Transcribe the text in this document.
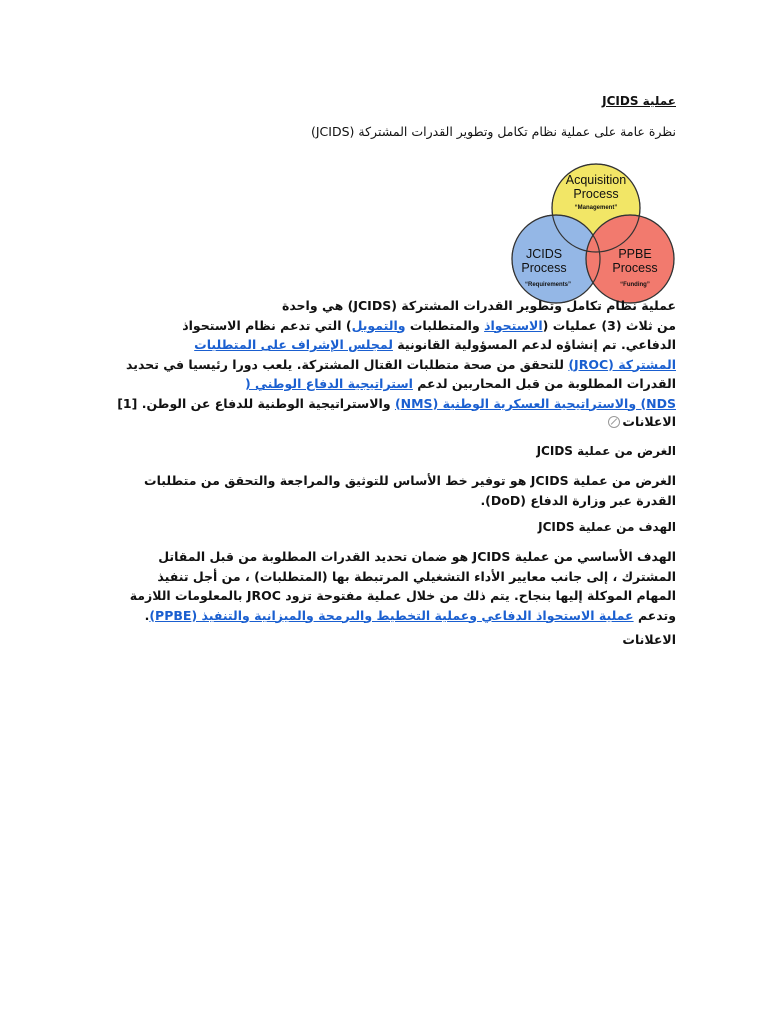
عملية JCIDS
نظرة عامة على عملية نظام تكامل وتطوير القدرات المشتركة (JCIDS)
Acquisition
Process
“Management”
JCIDS
Process
“Requirements”
PPBE
Process
“Funding”
عملية نظام تكامل وتطوير القدرات المشتركة (JCIDS) هي واحدة
من ثلاث (3) عمليات (الاستحواذ والمتطلبات والتمويل) التي تدعم نظام الاستحواذ
الدفاعي. تم إنشاؤه لدعم المسؤولية القانونية لمجلس الإشراف على المتطلبات
المشتركة (JROC) للتحقق من صحة متطلبات القتال المشتركة. يلعب دورا رئيسيا في تحديد
القدرات المطلوبة من قبل المحاربين لدعم استراتيجية الدفاع الوطني (
NDS) والاستراتيجية العسكرية الوطنية (NMS) والاستراتيجية الوطنية للدفاع عن الوطن. [1]
الاعلانات
الغرض من عملية JCIDS
الغرض من عملية JCIDS هو توفير خط الأساس للتوثيق والمراجعة والتحقق من متطلبات
القدرة عبر وزارة الدفاع (DoD).
الهدف من عملية JCIDS
الهدف الأساسي من عملية JCIDS هو ضمان تحديد القدرات المطلوبة من قبل المقاتل
المشترك ، إلى جانب معايير الأداء التشغيلي المرتبطة بها (المتطلبات) ، من أجل تنفيذ
المهام الموكلة إليها بنجاح. يتم ذلك من خلال عملية مفتوحة تزود JROC بالمعلومات اللازمة
وتدعم عملية الاستحواذ الدفاعي وعملية التخطيط والبرمجة والميزانية والتنفيذ (PPBE).
الاعلانات
